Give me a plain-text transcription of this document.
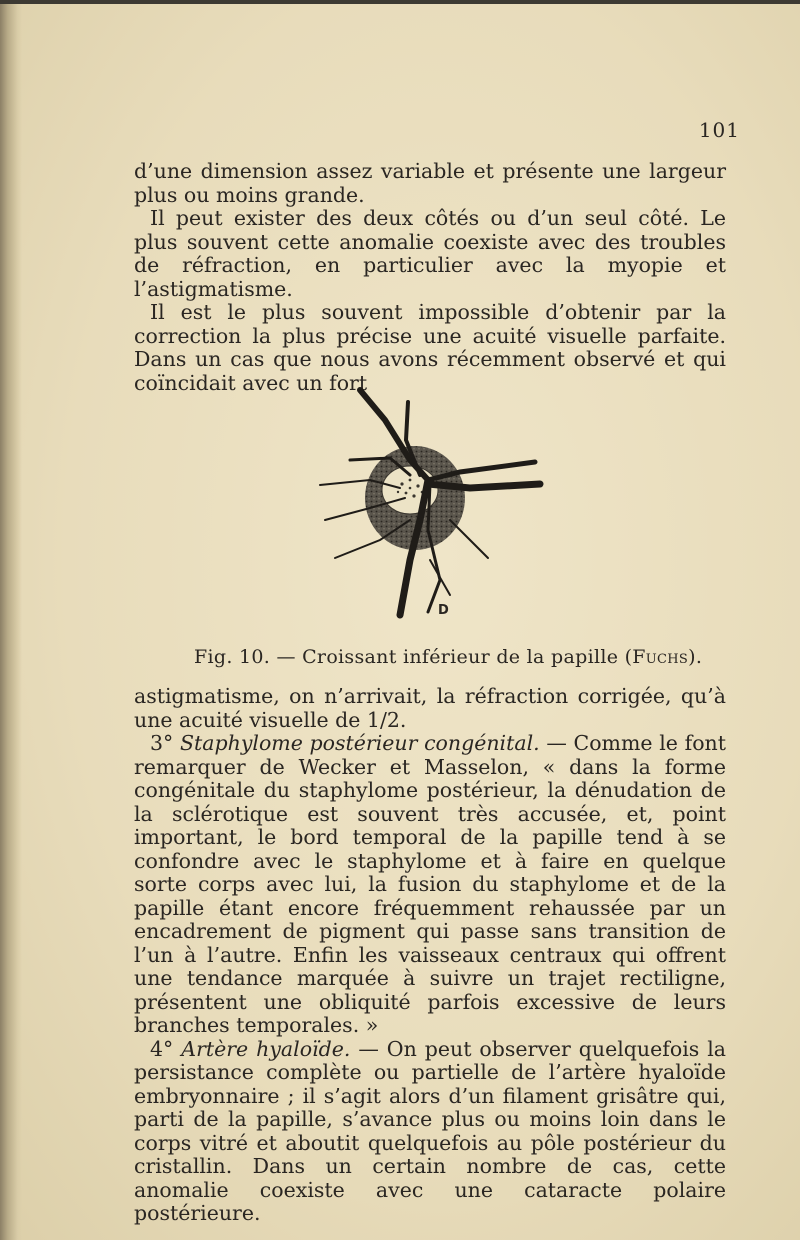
101

d’une dimension assez variable et présente une largeur plus ou moins grande.

Il peut exister des deux côtés ou d’un seul côté. Le plus souvent cette anomalie coexiste avec des troubles de réfraction, en particulier avec la myopie et l’astigmatisme.

Il est le plus souvent impossible d’obtenir par la correction la plus précise une acuité visuelle parfaite. Dans un cas que nous avons récemment observé et qui coïncidait avec un fort

D
Fig. 10. — Croissant inférieur de la papille (Fuchs).

astigmatisme, on n’arrivait, la réfraction corrigée, qu’à une acuité visuelle de 1/2.

3° Staphylome postérieur congénital. — Comme le font remarquer de Wecker et Masselon, « dans la forme congénitale du staphylome postérieur, la dénudation de la sclérotique est souvent très accusée, et, point important, le bord temporal de la papille tend à se confondre avec le staphylome et à faire en quelque sorte corps avec lui, la fusion du staphylome et de la papille étant encore fréquemment rehaussée par un encadrement de pigment qui passe sans transition de l’un à l’autre. Enfin les vaisseaux centraux qui offrent une tendance marquée à suivre un trajet rectiligne, présentent une obliquité parfois excessive de leurs branches temporales. »

4° Artère hyaloïde. — On peut observer quelquefois la persistance complète ou partielle de l’artère hyaloïde embryonnaire ; il s’agit alors d’un filament grisâtre qui, parti de la papille, s’avance plus ou moins loin dans le corps vitré et aboutit quelquefois au pôle postérieur du cristallin. Dans un certain nombre de cas, cette anomalie coexiste avec une cataracte polaire postérieure.
